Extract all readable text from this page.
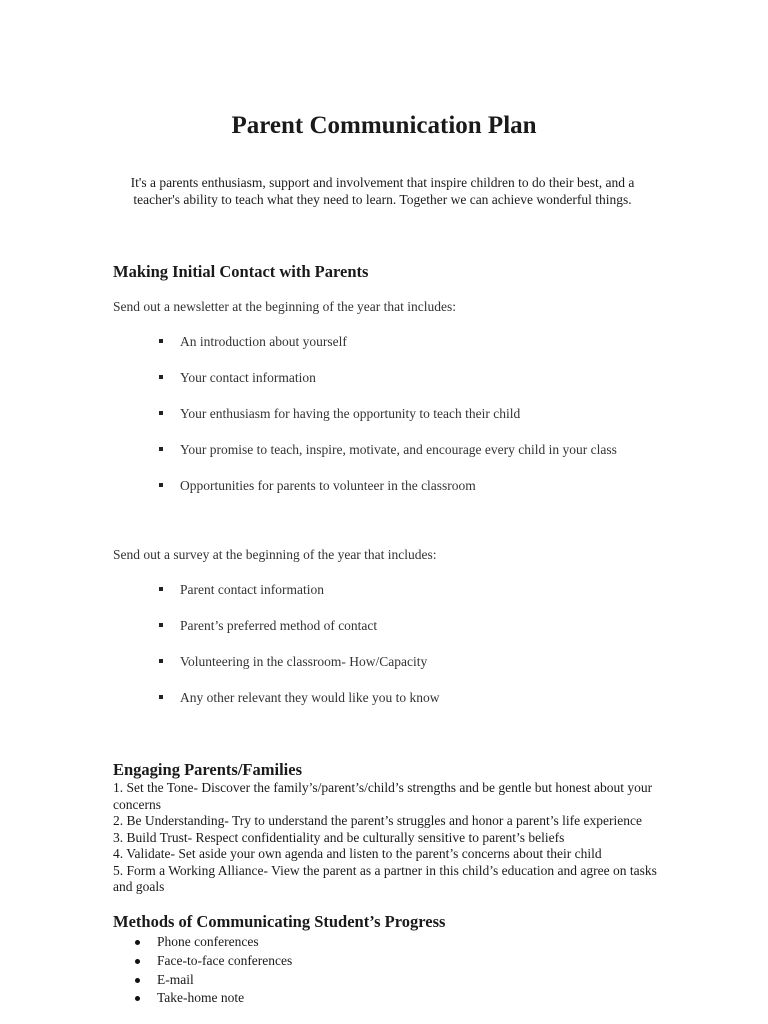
Parent Communication Plan

It's a parents enthusiasm, support and involvement that inspire children to do their best, and a teacher's ability to teach what they need to learn. Together we can achieve wonderful things.

Making Initial Contact with Parents

Send out a newsletter at the beginning of the year that includes:

An introduction about yourself
Your contact information
Your enthusiasm for having the opportunity to teach their child
Your promise to teach, inspire, motivate, and encourage every child in your class
Opportunities for parents to volunteer in the classroom

Send out a survey at the beginning of the year that includes:

Parent contact information
Parent’s preferred method of contact
Volunteering in the classroom- How/Capacity
Any other relevant they would like you to know
Engaging Parents/Families
1. Set the Tone- Discover the family’s/parent’s/child’s strengths and be gentle but honest about your concerns
2. Be Understanding- Try to understand the parent’s struggles and honor a parent’s life experience
3. Build Trust- Respect confidentiality and be culturally sensitive to parent’s beliefs
4. Validate- Set aside your own agenda and listen to the parent’s concerns about their child
5. Form a Working Alliance- View the parent as a partner in this child’s education and agree on tasks and goals
Methods of Communicating Student’s Progress
Phone conferences
Face-to-face conferences
E-mail
Take-home note
